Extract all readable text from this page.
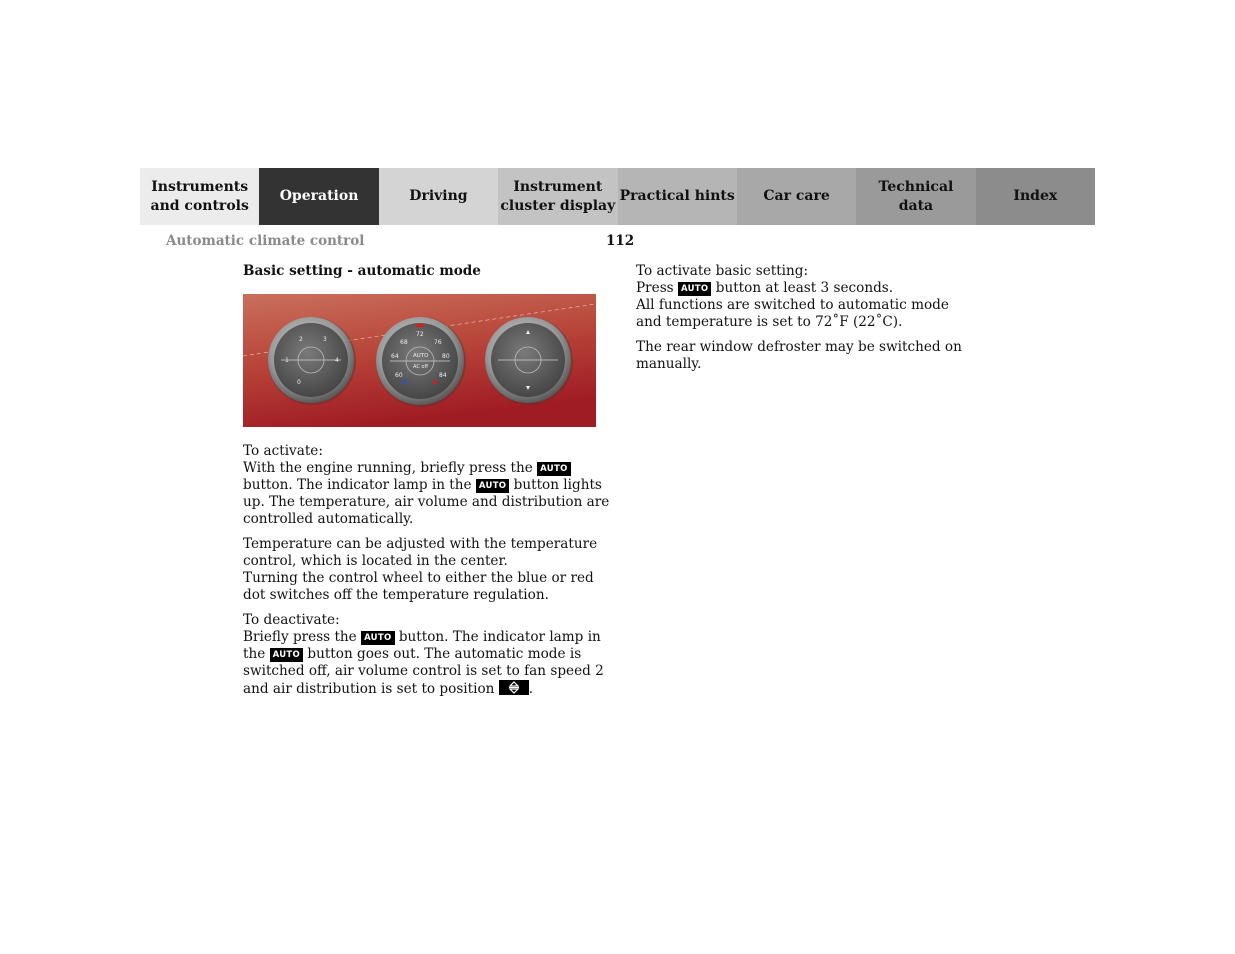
Instruments
and controls
Operation	Driving
Instrument
cluster display
Practical hints Car care
Technical
data
Index
Automatic climate control	112

Basic setting - automatic mode

2	3
1	4
0
72
68	76
64	80
60	84
AUTO
AC off

To activate:
With the engine running, briefly press the AUTO button. The indicator lamp in the AUTO button lights up. The temperature, air volume and distribution are controlled automatically.

Temperature can be adjusted with the temperature control, which is located in the center.
Turning the control wheel to either the blue or red dot switches off the temperature regulation.

To deactivate:
Briefly press the AUTO button. The indicator lamp in the AUTO button goes out. The automatic mode is switched off, air volume control is set to fan speed 2 and air distribution is set to position	.

To activate basic setting:
Press AUTO button at least 3 seconds.
All functions are switched to automatic mode and temperature is set to 72˚F (22˚C).

The rear window defroster may be switched on manually.
